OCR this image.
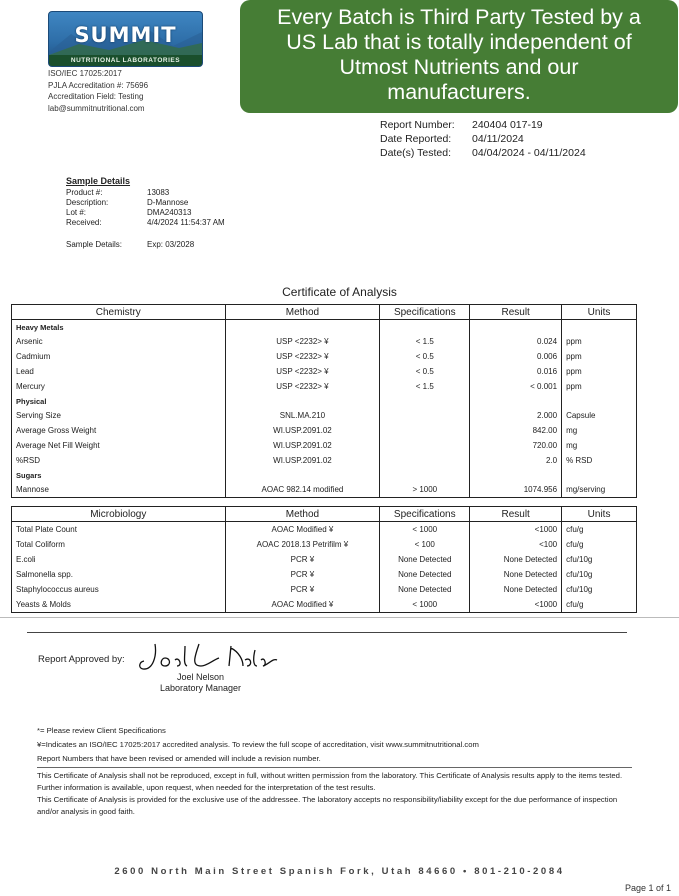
SUMMIT
NUTRITIONAL LABORATORIES
ISO/IEC 17025:2017
PJLA Accreditation #: 75696
Accreditation Field: Testing
lab@summitnutritional.com
Every Batch is Third Party Tested by a
US Lab that is totally independent of
Utmost Nutrients and our
manufacturers.
Report Number: 240404 017-19
Date Reported: 04/11/2024
Date(s) Tested: 04/04/2024 - 04/11/2024
Sample Details
Product #:	13083
Description:	D-Mannose
Lot #:	DMA240313
Received:	4/4/2024 11:54:37 AM
Sample Details:	Exp: 03/2028
Certificate of Analysis
Chemistry	Method	Specifications	Result	Units
Heavy Metals				
Arsenic	USP <2232> ¥	< 1.5	0.024	ppm
Cadmium	USP <2232> ¥	< 0.5	0.006	ppm
Lead	USP <2232> ¥	< 0.5	0.016	ppm
Mercury	USP <2232> ¥	< 1.5	< 0.001	ppm
Physical				
Serving Size	SNL.MA.210		2.000	Capsule
Average Gross Weight	WI.USP.2091.02		842.00	mg
Average Net Fill Weight	WI.USP.2091.02		720.00	mg
%RSD	WI.USP.2091.02		2.0	% RSD
Sugars				
Mannose	AOAC 982.14 modified	> 1000	1074.956	mg/serving
Microbiology	Method	Specifications	Result	Units
Total Plate Count	AOAC Modified ¥	< 1000	<1000	cfu/g
Total Coliform	AOAC 2018.13 Petrifilm ¥	< 100	<100	cfu/g
E.coli	PCR ¥	None Detected	None Detected	cfu/10g
Salmonella spp.	PCR ¥	None Detected	None Detected	cfu/10g
Staphylococcus aureus	PCR ¥	None Detected	None Detected	cfu/10g
Yeasts & Molds	AOAC Modified ¥	< 1000	<1000	cfu/g
Report Approved by:
Joel L Nelson
Joel Nelson
Laboratory Manager
*= Please review Client Specifications
¥=Indicates an ISO/IEC 17025:2017 accredited analysis. To review the full scope of accreditation, visit www.summitnutritional.com
Report Numbers that have been revised or amended will include a revision number.
This Certificate of Analysis shall not be reproduced, except in full, without written permission from the laboratory. This Certificate of Analysis results apply to the items tested. Further information is available, upon request, when needed for the interpretation of the test results.
This Certificate of Analysis is provided for the exclusive use of the addressee. The laboratory accepts no responsibility/liability except for the due performance of inspection and/or analysis in good faith.
2600 North Main Street Spanish Fork, Utah 84660 • 801-210-2084
Page 1 of 1
